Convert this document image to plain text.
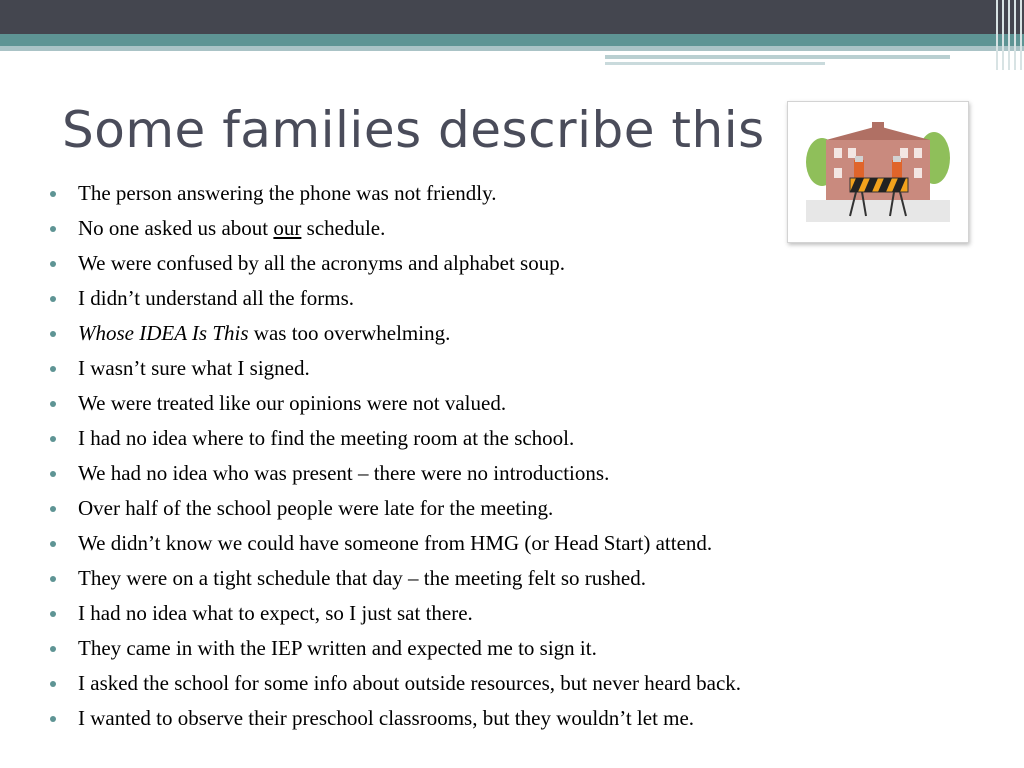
Some families describe this
The person answering the phone was not friendly.
No one asked us about our schedule.
We were confused by all the acronyms and alphabet soup.
I didn’t understand all the forms.
Whose IDEA Is This was too overwhelming.
I wasn’t sure what I signed.
We were treated like our opinions were not valued.
I had no idea where to find the meeting room at the school.
We had no idea who was present – there were no introductions.
Over half of the school people were late for the meeting.
We didn’t know we could have someone from HMG (or Head Start) attend.
They were on a tight schedule that day – the meeting felt so rushed.
I had no idea what to expect, so I just sat there.
They came in with the IEP written and expected me to sign it.
I asked the school for some info about outside resources, but never heard back.
I wanted to observe their preschool classrooms, but they wouldn’t let me.
